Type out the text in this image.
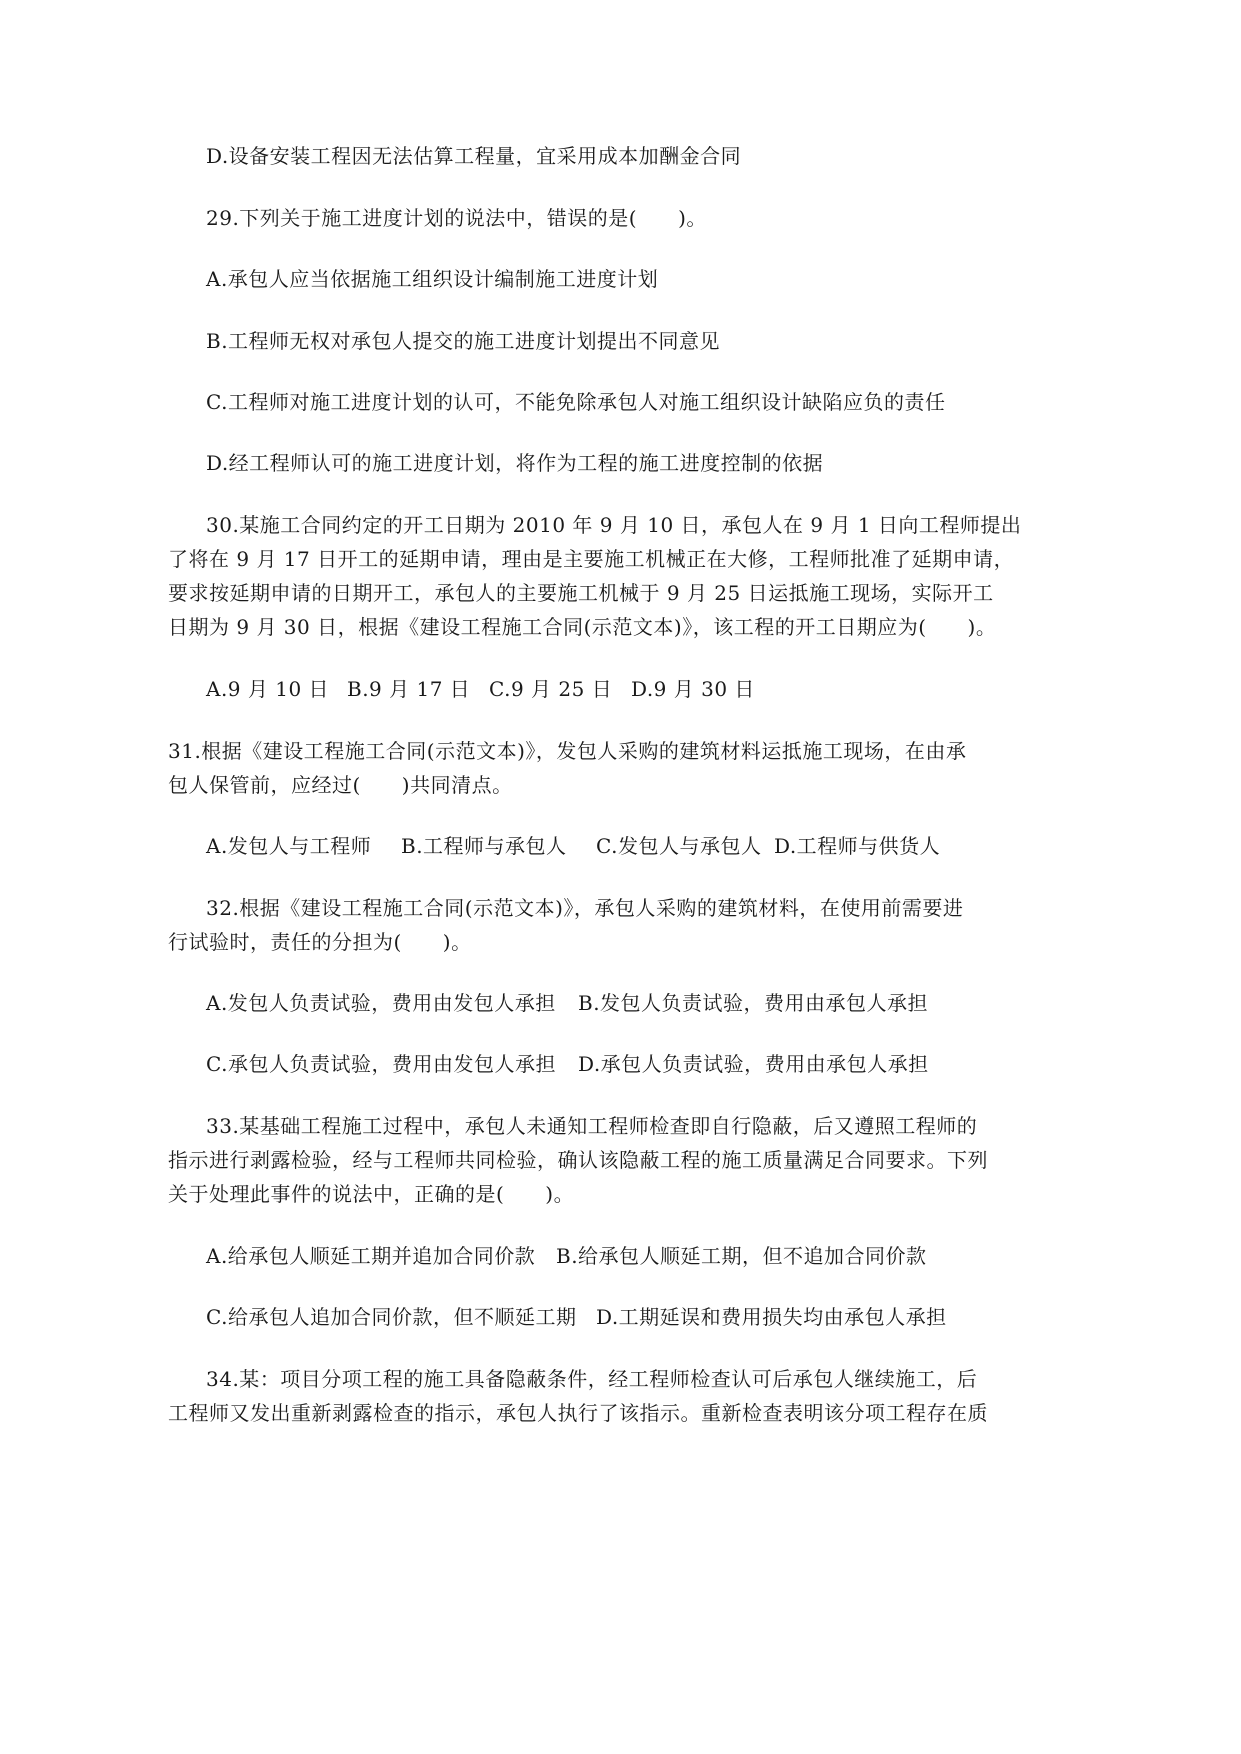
D.设备安装工程因无法估算工程量，宜采用成本加酬金合同
29.下列关于施工进度计划的说法中，错误的是(　　)。
A.承包人应当依据施工组织设计编制施工进度计划
B.工程师无权对承包人提交的施工进度计划提出不同意见
C.工程师对施工进度计划的认可，不能免除承包人对施工组织设计缺陷应负的责任
D.经工程师认可的施工进度计划，将作为工程的施工进度控制的依据
30.某施工合同约定的开工日期为 2010 年 9 月 10 日，承包人在 9 月 1 日向工程师提出
了将在 9 月 17 日开工的延期申请，理由是主要施工机械正在大修，工程师批准了延期申请，
要求按延期申请的日期开工，承包人的主要施工机械于 9 月 25 日运抵施工现场，实际开工
日期为 9 月 30 日，根据《建设工程施工合同(示范文本)》，该工程的开工日期应为(　　)。

A.9 月 10 日

B.9 月 17 日

C.9 月 25 日

D.9 月 30 日

31.根据《建设工程施工合同(示范文本)》，发包人采购的建筑材料运抵施工现场，在由承
包人保管前，应经过(　　)共同清点。

A.发包人与工程师

B.工程师与承包人

C.发包人与承包人

D.工程师与供货人

32.根据《建设工程施工合同(示范文本)》，承包人采购的建筑材料，在使用前需要进
行试验时，责任的分担为(　　)。

A.发包人负责试验，费用由发包人承担

B.发包人负责试验，费用由承包人承担

C.承包人负责试验，费用由发包人承担

D.承包人负责试验，费用由承包人承担

33.某基础工程施工过程中，承包人未通知工程师检查即自行隐蔽，后又遵照工程师的
指示进行剥露检验，经与工程师共同检验，确认该隐蔽工程的施工质量满足合同要求。下列
关于处理此事件的说法中，正确的是(　　)。

A.给承包人顺延工期并追加合同价款

B.给承包人顺延工期，但不追加合同价款

C.给承包人追加合同价款，但不顺延工期

D.工期延误和费用损失均由承包人承担

34.某：项目分项工程的施工具备隐蔽条件，经工程师检查认可后承包人继续施工，后
工程师又发出重新剥露检查的指示，承包人执行了该指示。重新检查表明该分项工程存在质
